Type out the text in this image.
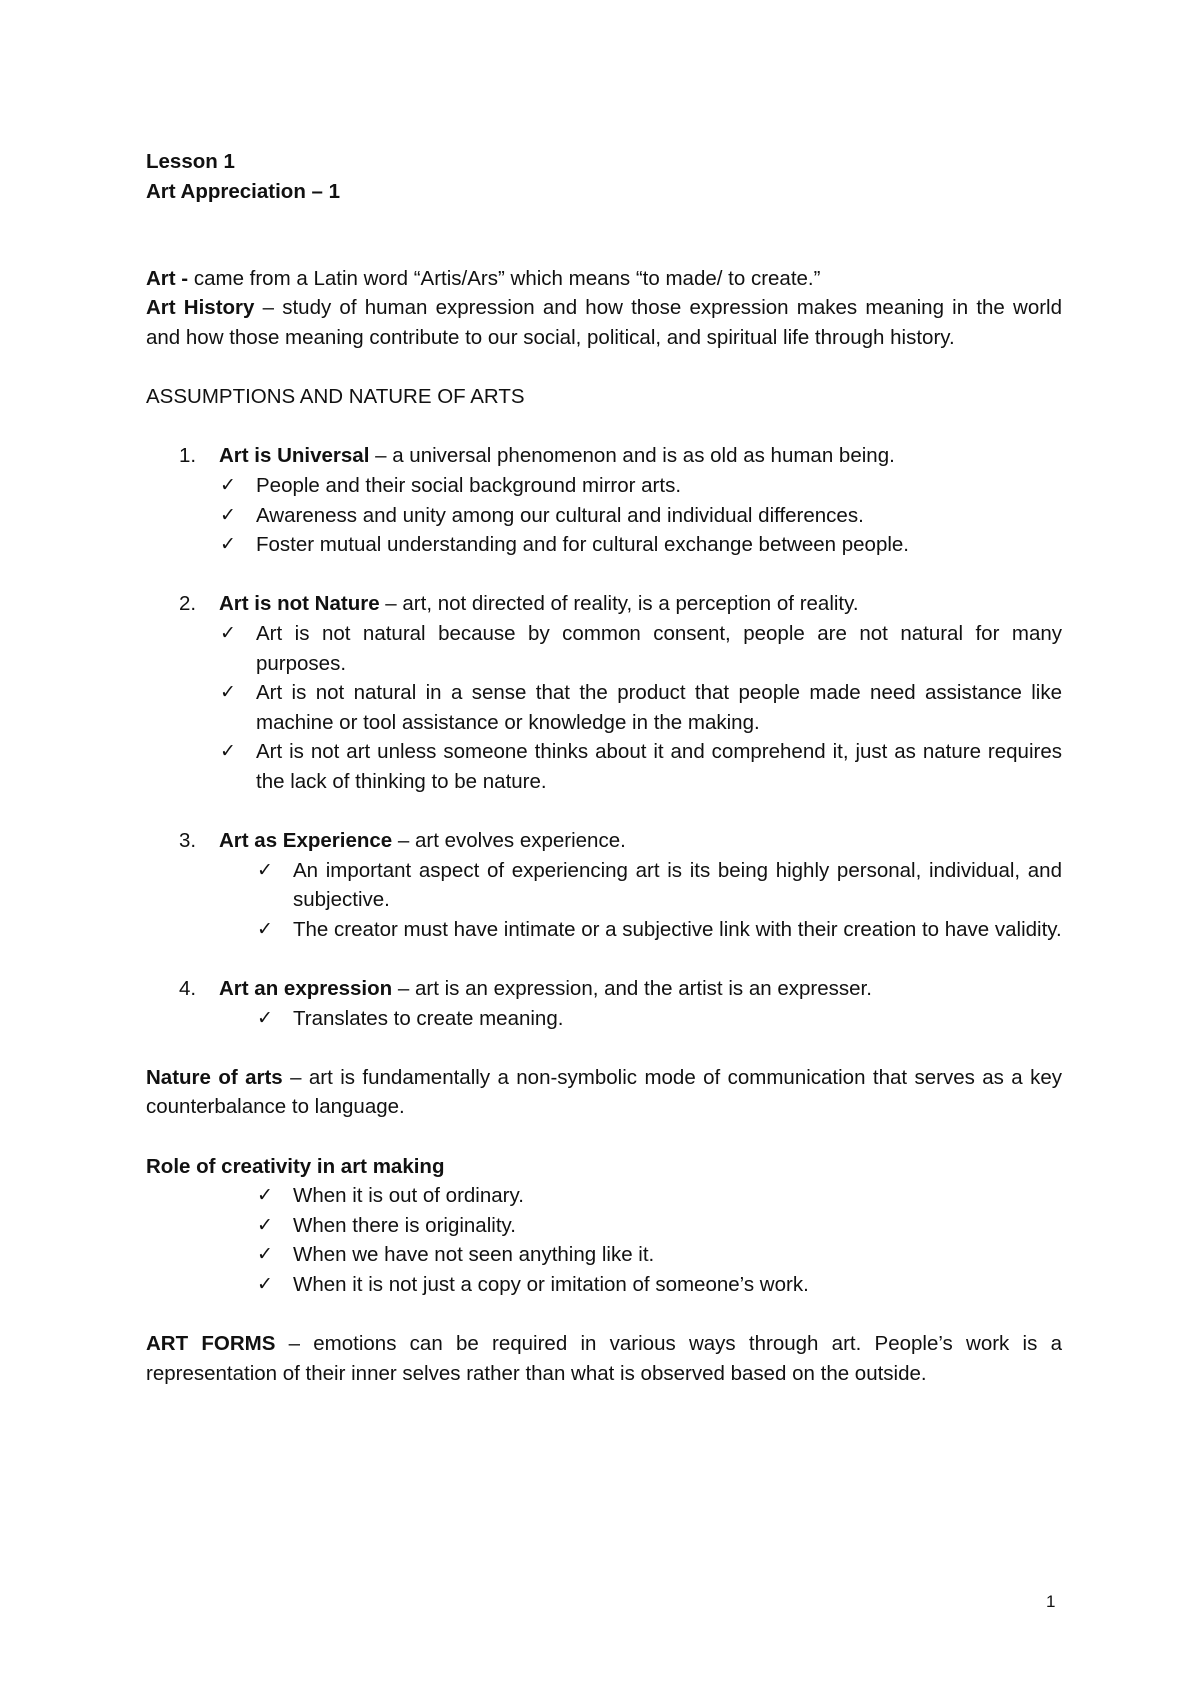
Lesson 1
Art Appreciation – 1
Art - came from a Latin word “Artis/Ars” which means “to made/ to create.”
Art History – study of human expression and how those expression makes meaning in the world and how those meaning contribute to our social, political, and spiritual life through history.
ASSUMPTIONS AND NATURE OF ARTS
1. Art is Universal – a universal phenomenon and is as old as human being.
✓ People and their social background mirror arts.
✓ Awareness and unity among our cultural and individual differences.
✓ Foster mutual understanding and for cultural exchange between people.
2. Art is not Nature – art, not directed of reality, is a perception of reality.
✓ Art is not natural because by common consent, people are not natural for many purposes.
✓ Art is not natural in a sense that the product that people made need assistance like machine or tool assistance or knowledge in the making.
✓ Art is not art unless someone thinks about it and comprehend it, just as nature requires the lack of thinking to be nature.
3. Art as Experience – art evolves experience.
✓ An important aspect of experiencing art is its being highly personal, individual, and subjective.
✓ The creator must have intimate or a subjective link with their creation to have validity.
4. Art an expression – art is an expression, and the artist is an expresser.
✓ Translates to create meaning.
Nature of arts – art is fundamentally a non-symbolic mode of communication that serves as a key counterbalance to language.
Role of creativity in art making
✓ When it is out of ordinary.
✓ When there is originality.
✓ When we have not seen anything like it.
✓ When it is not just a copy or imitation of someone’s work.
ART FORMS – emotions can be required in various ways through art. People’s work is a representation of their inner selves rather than what is observed based on the outside.
1
